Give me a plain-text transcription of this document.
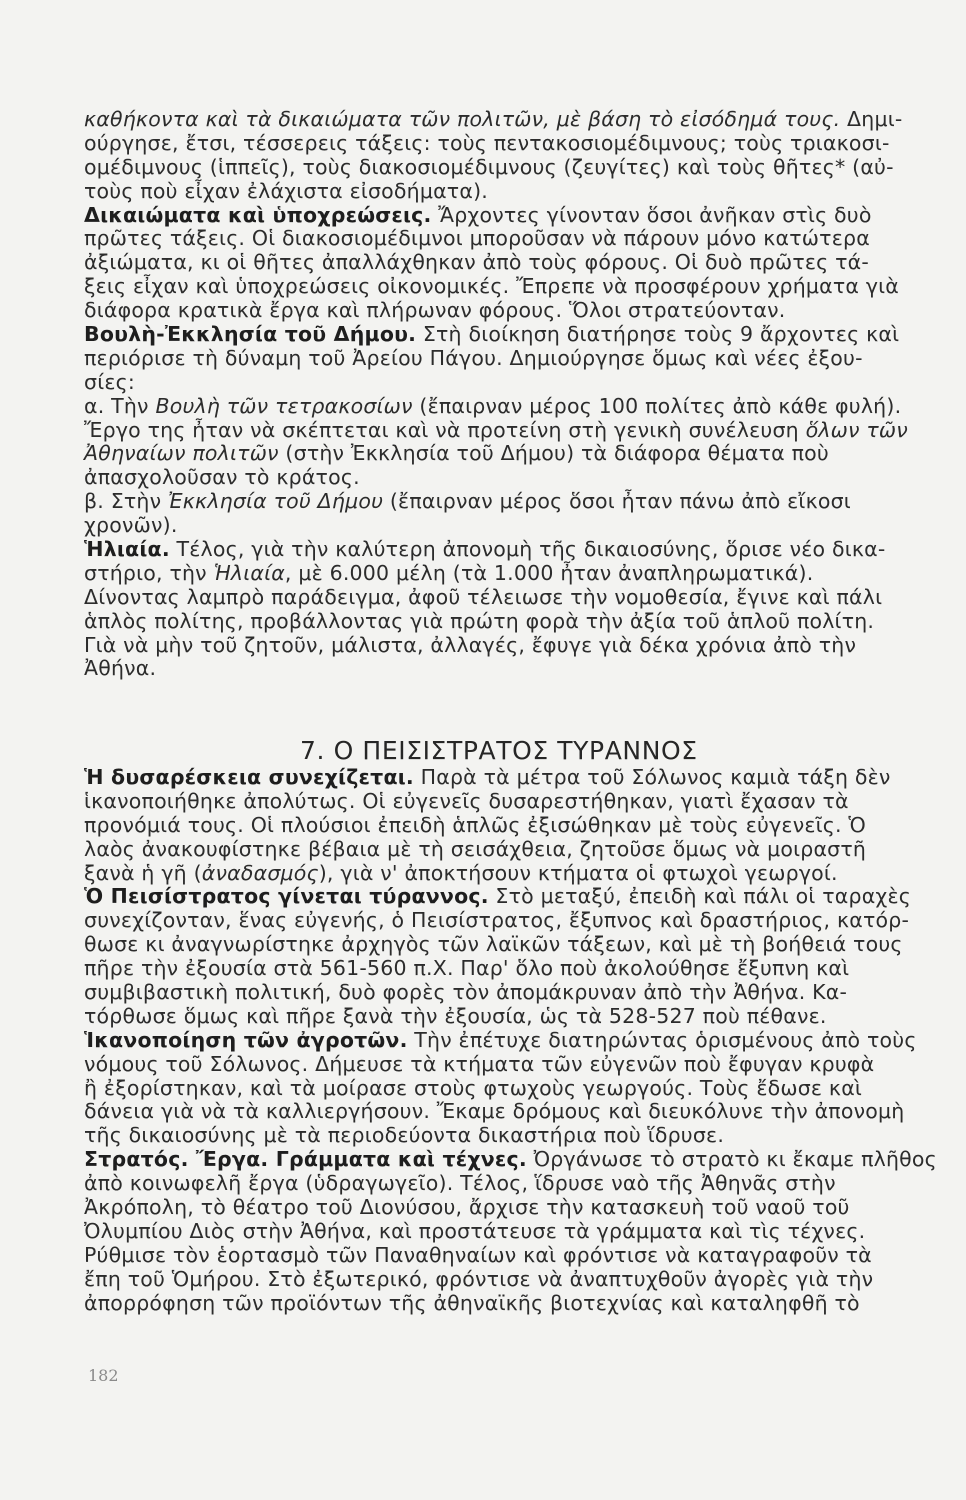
καθήκοντα καὶ τὰ δικαιώματα τῶν πολιτῶν, μὲ βάση τὸ εἰσόδημά τους. Δημι-
ούργησε, ἔτσι, τέσσερεις τάξεις: τοὺς πεντακοσιομέδιμνους; τοὺς τριακοσι-
ομέδιμνους (ἱππεῖς), τοὺς διακοσιομέδιμνους (ζευγίτες) καὶ τοὺς θῆτες* (αὐ-
τοὺς ποὺ εἶχαν ἐλάχιστα εἰσοδήματα).
Δικαιώματα καὶ ὑποχρεώσεις. Ἄρχοντες γίνονταν ὅσοι ἀνῆκαν στὶς δυὸ
πρῶτες τάξεις. Οἱ διακοσιομέδιμνοι μποροῦσαν νὰ πάρουν μόνο κατώτερα
ἀξιώματα, κι οἱ θῆτες ἀπαλλάχθηκαν ἀπὸ τοὺς φόρους. Οἱ δυὸ πρῶτες τά-
ξεις εἶχαν καὶ ὑποχρεώσεις οἰκονομικές. Ἔπρεπε νὰ προσφέρουν χρήματα γιὰ
διάφορα κρατικὰ ἔργα καὶ πλήρωναν φόρους. Ὅλοι στρατεύονταν.
Βουλὴ-Ἐκκλησία τοῦ Δήμου. Στὴ διοίκηση διατήρησε τοὺς 9 ἄρχοντες καὶ
περιόρισε τὴ δύναμη τοῦ Ἀρείου Πάγου. Δημιούργησε ὅμως καὶ νέες ἐξου-
σίες:
α. Τὴν Βουλὴ τῶν τετρακοσίων (ἔπαιρναν μέρος 100 πολίτες ἀπὸ κάθε φυλή).
Ἔργο της ἦταν νὰ σκέπτεται καὶ νὰ προτείνη στὴ γενικὴ συνέλευση ὅλων τῶν
Ἀθηναίων πολιτῶν (στὴν Ἐκκλησία τοῦ Δήμου) τὰ διάφορα θέματα ποὺ
ἀπασχολοῦσαν τὸ κράτος.
β. Στὴν Ἐκκλησία τοῦ Δήμου (ἔπαιρναν μέρος ὅσοι ἦταν πάνω ἀπὸ εἴκοσι
χρονῶν).
Ἡλιαία. Τέλος, γιὰ τὴν καλύτερη ἀπονομὴ τῆς δικαιοσύνης, ὅρισε νέο δικα-
στήριο, τὴν Ἡλιαία, μὲ 6.000 μέλη (τὰ 1.000 ἦταν ἀναπληρωματικά).
Δίνοντας λαμπρὸ παράδειγμα, ἀφοῦ τέλειωσε τὴν νομοθεσία, ἔγινε καὶ πάλι
ἁπλὸς πολίτης, προβάλλοντας γιὰ πρώτη φορὰ τὴν ἀξία τοῦ ἁπλοῦ πολίτη.
Γιὰ νὰ μὴν τοῦ ζητοῦν, μάλιστα, ἀλλαγές, ἔφυγε γιὰ δέκα χρόνια ἀπὸ τὴν
Ἀθήνα.
7. Ο ΠΕΙΣΙΣΤΡΑΤΟΣ ΤΥΡΑΝΝΟΣ
Ἡ δυσαρέσκεια συνεχίζεται. Παρὰ τὰ μέτρα τοῦ Σόλωνος καμιὰ τάξη δὲν
ἱκανοποιήθηκε ἀπολύτως. Οἱ εὐγενεῖς δυσαρεστήθηκαν, γιατὶ ἔχασαν τὰ
προνόμιά τους. Οἱ πλούσιοι ἐπειδὴ ἁπλῶς ἐξισώθηκαν μὲ τοὺς εὐγενεῖς. Ὁ
λαὸς ἀνακουφίστηκε βέβαια μὲ τὴ σεισάχθεια, ζητοῦσε ὅμως νὰ μοιραστῆ
ξανὰ ἡ γῆ (ἀναδασμός), γιὰ ν' ἀποκτήσουν κτήματα οἱ φτωχοὶ γεωργοί.
Ὁ Πεισίστρατος γίνεται τύραννος. Στὸ μεταξύ, ἐπειδὴ καὶ πάλι οἱ ταραχὲς
συνεχίζονταν, ἕνας εὐγενής, ὁ Πεισίστρατος, ἔξυπνος καὶ δραστήριος, κατόρ-
θωσε κι ἀναγνωρίστηκε ἀρχηγὸς τῶν λαϊκῶν τάξεων, καὶ μὲ τὴ βοήθειά τους
πῆρε τὴν ἐξουσία στὰ 561-560 π.Χ. Παρ' ὅλο ποὺ ἀκολούθησε ἔξυπνη καὶ
συμβιβαστικὴ πολιτική, δυὸ φορὲς τὸν ἀπομάκρυναν ἀπὸ τὴν Ἀθήνα. Κα-
τόρθωσε ὅμως καὶ πῆρε ξανὰ τὴν ἐξουσία, ὡς τὰ 528-527 ποὺ πέθανε.
Ἱκανοποίηση τῶν ἀγροτῶν. Τὴν ἐπέτυχε διατηρώντας ὁρισμένους ἀπὸ τοὺς
νόμους τοῦ Σόλωνος. Δήμευσε τὰ κτήματα τῶν εὐγενῶν ποὺ ἔφυγαν κρυφὰ
ἢ ἐξορίστηκαν, καὶ τὰ μοίρασε στοὺς φτωχοὺς γεωργούς. Τοὺς ἔδωσε καὶ
δάνεια γιὰ νὰ τὰ καλλιεργήσουν. Ἔκαμε δρόμους καὶ διευκόλυνε τὴν ἀπονομὴ
τῆς δικαιοσύνης μὲ τὰ περιοδεύοντα δικαστήρια ποὺ ἵδρυσε.
Στρατός. Ἔργα. Γράμματα καὶ τέχνες. Ὀργάνωσε τὸ στρατὸ κι ἔκαμε πλῆθος
ἀπὸ κοινωφελῆ ἔργα (ὑδραγωγεῖο). Τέλος, ἵδρυσε ναὸ τῆς Ἀθηνᾶς στὴν
Ἀκρόπολη, τὸ θέατρο τοῦ Διονύσου, ἄρχισε τὴν κατασκευὴ τοῦ ναοῦ τοῦ
Ὀλυμπίου Διὸς στὴν Ἀθήνα, καὶ προστάτευσε τὰ γράμματα καὶ τὶς τέχνες.
Ρύθμισε τὸν ἑορτασμὸ τῶν Παναθηναίων καὶ φρόντισε νὰ καταγραφοῦν τὰ
ἔπη τοῦ Ὁμήρου. Στὸ ἐξωτερικό, φρόντισε νὰ ἀναπτυχθοῦν ἀγορὲς γιὰ τὴν
ἀπορρόφηση τῶν προϊόντων τῆς ἀθηναϊκῆς βιοτεχνίας καὶ καταληφθῆ τὸ
182
